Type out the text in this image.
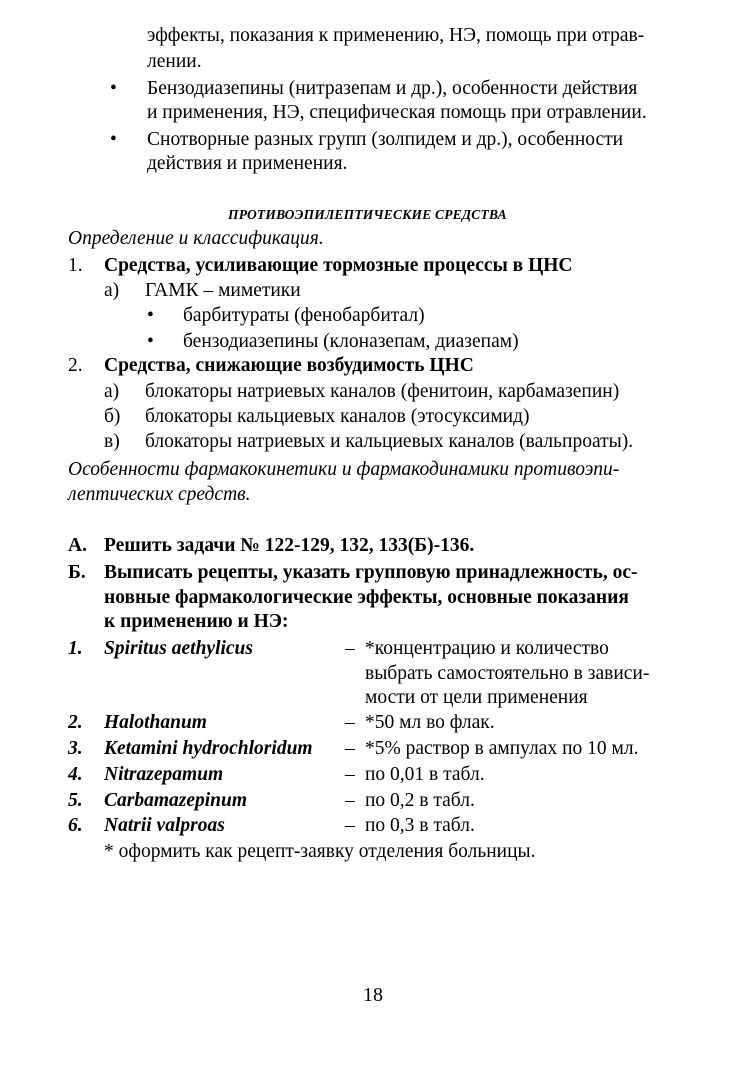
эффекты, показания к применению, НЭ, помощь при отрав-
лении.
• Бензодиазепины (нитразепам и др.), особенности действия
и применения, НЭ, специфическая помощь при отравлении.
• Снотворные разных групп (золпидем и др.), особенности
действия и применения.
ПРОТИВОЭПИЛЕПТИЧЕСКИЕ СРЕДСТВА
Определение и классификация.
1. Средства, усиливающие тормозные процессы в ЦНС
а) ГАМК – миметики
• барбитураты (фенобарбитал)
• бензодиазепины (клоназепам, диазепам)
2. Средства, снижающие возбудимость ЦНС
а) блокаторы натриевых каналов (фенитоин, карбамазепин)
б) блокаторы кальциевых каналов (этосуксимид)
в) блокаторы натриевых и кальциевых каналов (вальпроаты).
Особенности фармакокинетики и фармакодинамики противоэпи-
лептических средств.
А. Решить задачи № 122-129, 132, 133(Б)-136.
Б. Выписать рецепты, указать групповую принадлежность, ос-
новные фармакологические эффекты, основные показания
к применению и НЭ:
1. Spiritus aethylicus	– *концентрацию и количество
выбрать самостоятельно в зависи-
мости от цели применения
2. Halothanum	– *50 мл во флак.
3. Ketamini hydrochloridum – *5% раствор в ампулах по 10 мл.
4. Nitrazepamum	– по 0,01 в табл.
5. Carbamazepinum	– по 0,2 в табл.
6. Natrii valproas	– по 0,3 в табл.
* оформить как рецепт-заявку отделения больницы.
18
